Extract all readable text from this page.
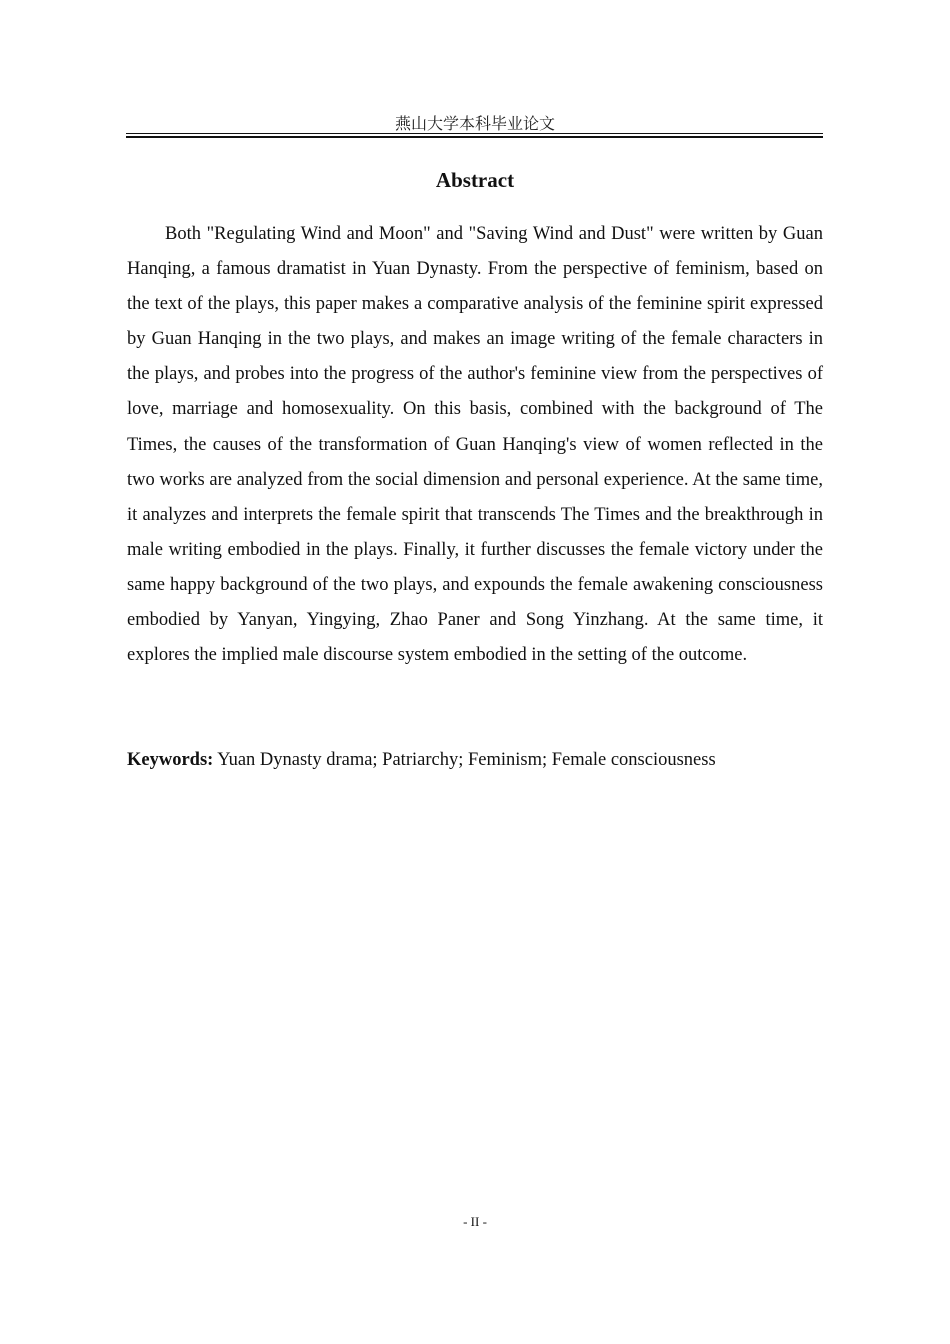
燕山大学本科毕业论文
Abstract

Both "Regulating Wind and Moon" and "Saving Wind and Dust" were written by Guan Hanqing, a famous dramatist in Yuan Dynasty. From the perspective of feminism, based on the text of the plays, this paper makes a comparative analysis of the feminine spirit expressed by Guan Hanqing in the two plays, and makes an image writing of the female characters in the plays, and probes into the progress of the author's feminine view from the perspectives of love, marriage and homosexuality. On this basis, combined with the background of The Times, the causes of the transformation of Guan Hanqing's view of women reflected in the two works are analyzed from the social dimension and personal experience. At the same time, it analyzes and interprets the female spirit that transcends The Times and the breakthrough in male writing embodied in the plays. Finally, it further discusses the female victory under the same happy background of the two plays, and expounds the female awakening consciousness embodied by Yanyan, Yingying, Zhao Paner and Song Yinzhang. At the same time, it explores the implied male discourse system embodied in the setting of the outcome.

Keywords: Yuan Dynasty drama; Patriarchy; Feminism; Female consciousness

- II -
